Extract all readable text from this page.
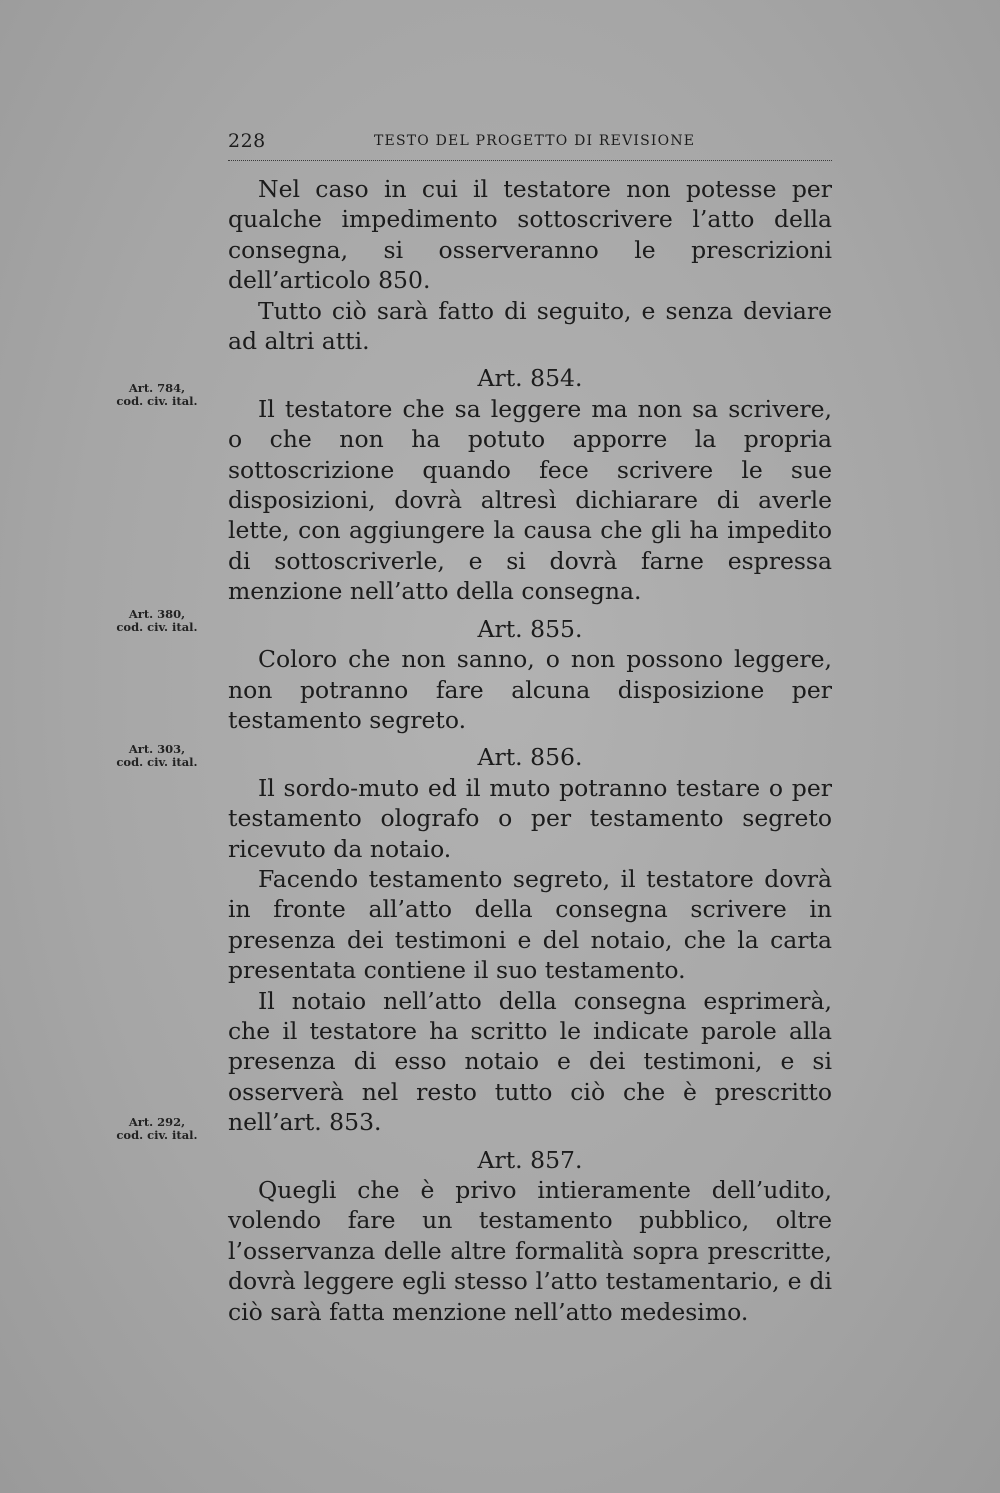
228	TESTO DEL PROGETTO DI REVISIONE
Art. 784,
cod. civ. ital.
Art. 380,
cod. civ. ital.
Art. 303,
cod. civ. ital.
Art. 292,
cod. civ. ital.

Nel caso in cui il testatore non potesse per qualche impedimento sottoscrivere l’atto della consegna, si osserveranno le prescrizioni dell’articolo 850.

Tutto ciò sarà fatto di seguito, e senza deviare ad altri atti.

Art. 854.

Il testatore che sa leggere ma non sa scrivere, o che non ha potuto apporre la propria sottoscrizione quando fece scrivere le sue disposizioni, dovrà altresì dichiarare di averle lette, con aggiungere la causa che gli ha impedito di sottoscriverle, e si dovrà farne espressa menzione nell’atto della consegna.

Art. 855.

Coloro che non sanno, o non possono leggere, non potranno fare alcuna disposizione per testamento segreto.

Art. 856.

Il sordo-muto ed il muto potranno testare o per testamento olografo o per testamento segreto ricevuto da notaio.

Facendo testamento segreto, il testatore dovrà in fronte all’atto della consegna scrivere in presenza dei testimoni e del notaio, che la carta presentata contiene il suo testamento.

Il notaio nell’atto della consegna esprimerà, che il testatore ha scritto le indicate parole alla presenza di esso notaio e dei testimoni, e si osserverà nel resto tutto ciò che è prescritto nell’art. 853.

Art. 857.

Quegli che è privo intieramente dell’udito, volendo fare un testamento pubblico, oltre l’osservanza delle altre formalità sopra prescritte, dovrà leggere egli stesso l’atto testamentario, e di ciò sarà fatta menzione nell’atto medesimo.
